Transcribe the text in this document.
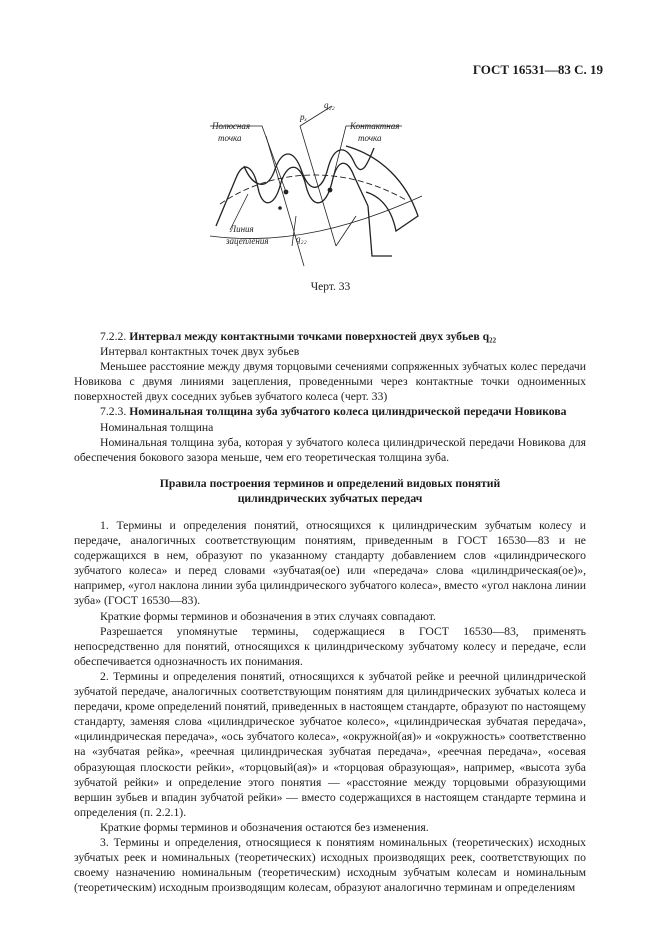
ГОСТ 16531—83 С. 19
Полюсная
точка
Контактная
точка
Линия
зацепления
pₓ
q₂₂
q₂₂
Черт. 33

7.2.2. Интервал между контактными точками поверхностей двух зубьев q₂₂

Интервал контактных точек двух зубьев

Меньшее расстояние между двумя торцовыми сечениями сопряженных зубчатых колес передачи Новикова с двумя линиями зацепления, проведенными через контактные точки одноименных поверхностей двух соседних зубьев зубчатого колеса (черт. 33)

7.2.3. Номинальная толщина зуба зубчатого колеса цилиндрической передачи Новикова

Номинальная толщина

Номинальная толщина зуба, которая у зубчатого колеса цилиндрической передачи Новикова для обеспечения бокового зазора меньше, чем его теоретическая толщина зуба.

Правила построения терминов и определений видовых понятий

цилиндрических зубчатых передач

1. Термины и определения понятий, относящихся к цилиндрическим зубчатым колесу и передаче, аналогичных соответствующим понятиям, приведенным в ГОСТ 16530—83 и не содержащихся в нем, образуют по указанному стандарту добавлением слов «цилиндрического зубчатого колеса» и перед словами «зубчатая(ое) или «передача» слова «цилиндрическая(ое)», например, «угол наклона линии зуба цилиндрического зубчатого колеса», вместо «угол наклона линии зуба» (ГОСТ 16530—83).

Краткие формы терминов и обозначения в этих случаях совпадают.

Разрешается упомянутые термины, содержащиеся в ГОСТ 16530—83, применять непосредственно для понятий, относящихся к цилиндрическому зубчатому колесу и передаче, если обеспечивается однозначность их понимания.

2. Термины и определения понятий, относящихся к зубчатой рейке и реечной цилиндрической зубчатой передаче, аналогичных соответствующим понятиям для цилиндрических зубчатых колеса и передачи, кроме определений понятий, приведенных в настоящем стандарте, образуют по настоящему стандарту, заменяя слова «цилиндрическое зубчатое колесо», «цилиндрическая зубчатая передача», «цилиндрическая передача», «ось зубчатого колеса», «окружной(ая)» и «окружность» соответственно на «зубчатая рейка», «реечная цилиндрическая зубчатая передача», «реечная передача», «осевая образующая плоскости рейки», «торцовый(ая)» и «торцовая образующая», например, «высота зуба зубчатой рейки» и определение этого понятия — «расстояние между торцовыми образующими вершин зубьев и впадин зубчатой рейки» — вместо содержащихся в настоящем стандарте термина и определения (п. 2.2.1).

Краткие формы терминов и обозначения остаются без изменения.

3. Термины и определения, относящиеся к понятиям номинальных (теоретических) исходных зубчатых реек и номинальных (теоретических) исходных производящих реек, соответствующих по своему назначению номинальным (теоретическим) исходным зубчатым колесам и номинальным (теоретическим) исходным производящим колесам, образуют аналогично терминам и определениям
